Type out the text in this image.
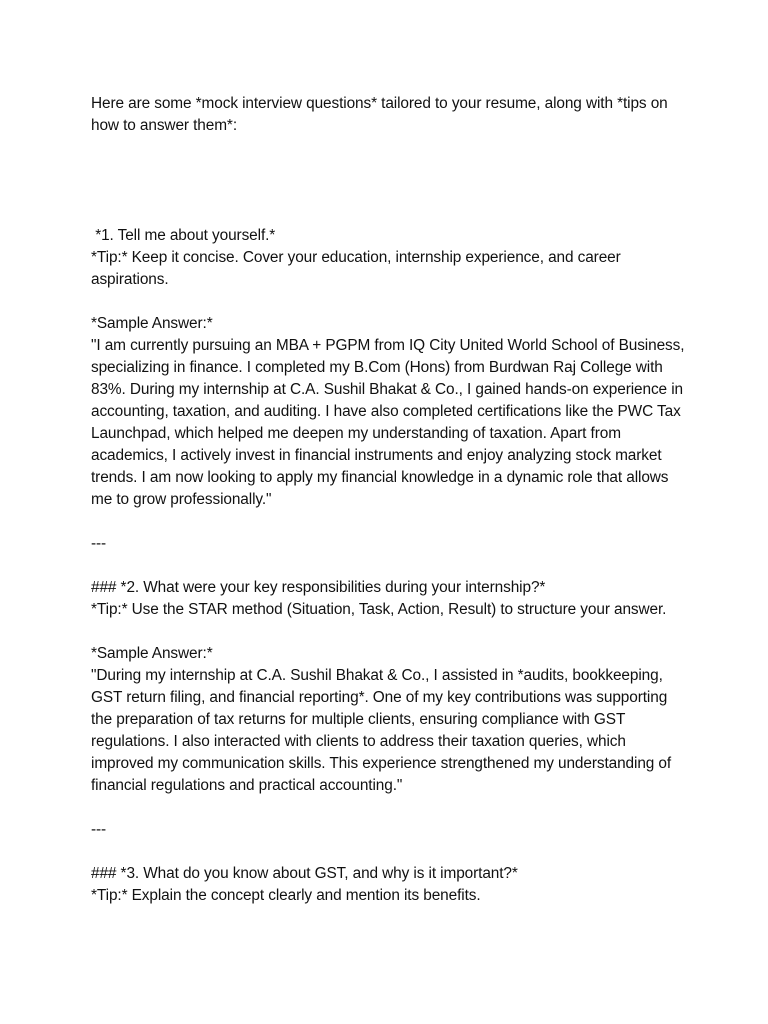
Here are some *mock interview questions* tailored to your resume, along with *tips on how to answer them*:

*1. Tell me about yourself.*

*Tip:* Keep it concise. Cover your education, internship experience, and career aspirations.

*Sample Answer:*

"I am currently pursuing an MBA + PGPM from IQ City United World School of Business, specializing in finance. I completed my B.Com (Hons) from Burdwan Raj College with 83%. During my internship at C.A. Sushil Bhakat & Co., I gained hands-on experience in accounting, taxation, and auditing. I have also completed certifications like the PWC Tax Launchpad, which helped me deepen my understanding of taxation. Apart from academics, I actively invest in financial instruments and enjoy analyzing stock market trends. I am now looking to apply my financial knowledge in a dynamic role that allows me to grow professionally."

---

### *2. What were your key responsibilities during your internship?*

*Tip:* Use the STAR method (Situation, Task, Action, Result) to structure your answer.

*Sample Answer:*

"During my internship at C.A. Sushil Bhakat & Co., I assisted in *audits, bookkeeping, GST return filing, and financial reporting*. One of my key contributions was supporting the preparation of tax returns for multiple clients, ensuring compliance with GST regulations. I also interacted with clients to address their taxation queries, which improved my communication skills. This experience strengthened my understanding of financial regulations and practical accounting."

---

### *3. What do you know about GST, and why is it important?*

*Tip:* Explain the concept clearly and mention its benefits.
